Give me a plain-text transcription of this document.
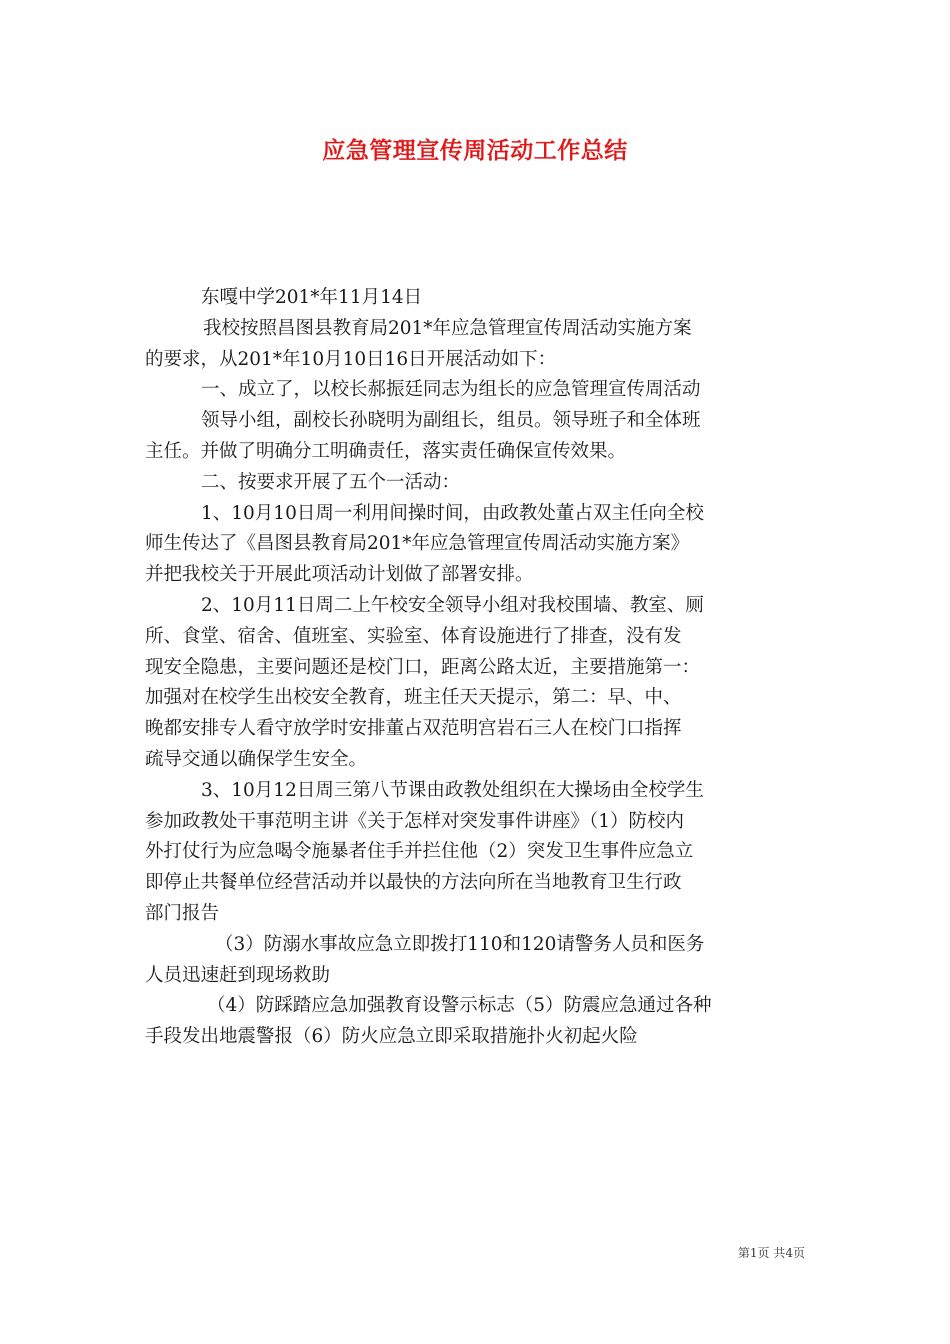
应急管理宣传周活动工作总结
东嘎中学201*年11月14日
我校按照昌图县教育局201*年应急管理宣传周活动实施方案
的要求，从201*年10月10日16日开展活动如下：
一、成立了，以校长郝振廷同志为组长的应急管理宣传周活动
领导小组，副校长孙晓明为副组长，组员。领导班子和全体班
主任。并做了明确分工明确责任，落实责任确保宣传效果。
二、按要求开展了五个一活动：
1、10月10日周一利用间操时间，由政教处董占双主任向全校
师生传达了《昌图县教育局201*年应急管理宣传周活动实施方案》
并把我校关于开展此项活动计划做了部署安排。
2、10月11日周二上午校安全领导小组对我校围墙、教室、厕
所、食堂、宿舍、值班室、实验室、体育设施进行了排查，没有发
现安全隐患，主要问题还是校门口，距离公路太近，主要措施第一：
加强对在校学生出校安全教育，班主任天天提示，第二：早、中、
晚都安排专人看守放学时安排董占双范明宫岩石三人在校门口指挥
疏导交通以确保学生安全。
3、10月12日周三第八节课由政教处组织在大操场由全校学生
参加政教处干事范明主讲《关于怎样对突发事件讲座》（1）防校内
外打仗行为应急喝令施暴者住手并拦住他（2）突发卫生事件应急立
即停止共餐单位经营活动并以最快的方法向所在当地教育卫生行政
部门报告
（3）防溺水事故应急立即拨打110和120请警务人员和医务
人员迅速赶到现场救助
（4）防踩踏应急加强教育设警示标志（5）防震应急通过各种
手段发出地震警报（6）防火应急立即采取措施扑火初起火险
第1页 共4页
